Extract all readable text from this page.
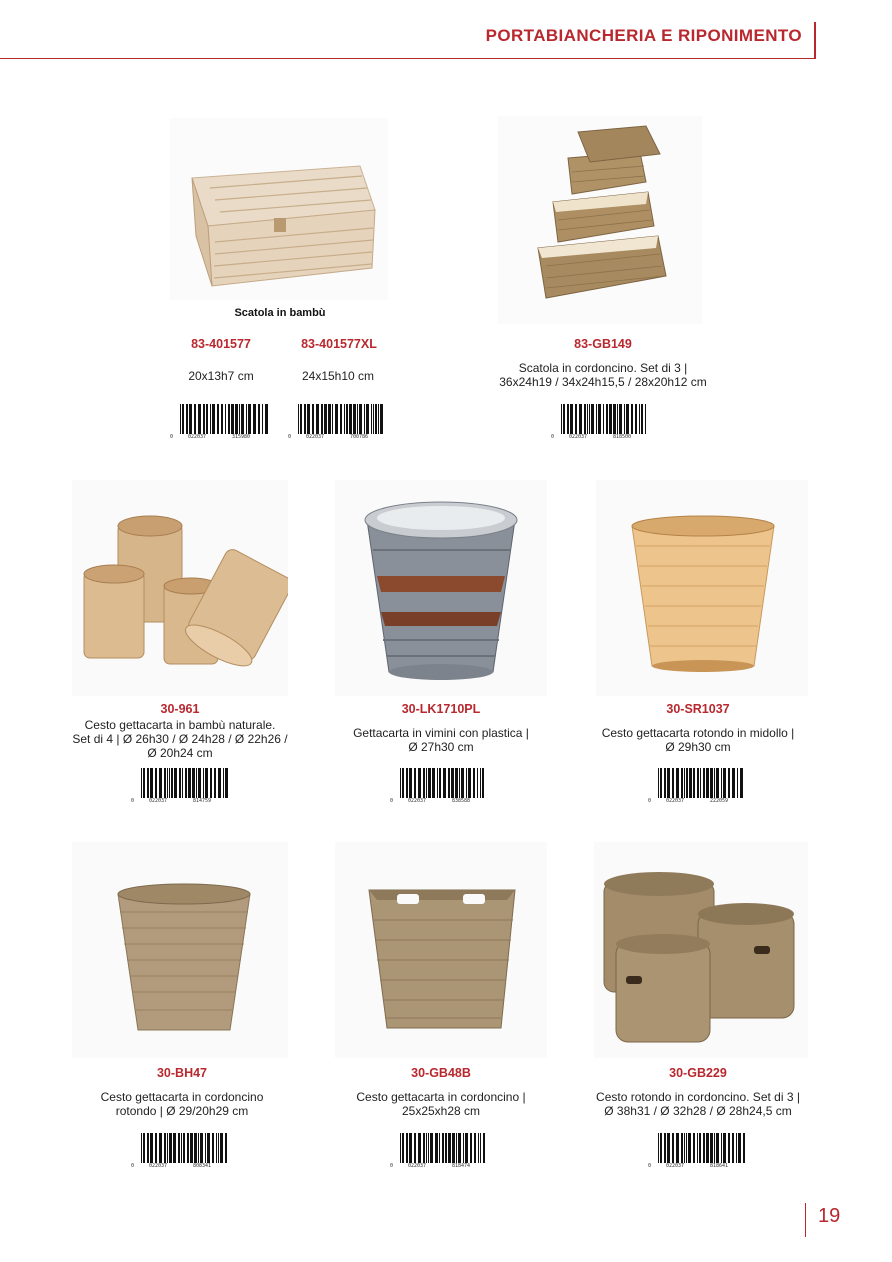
PORTABIANCHERIA E RIPONIMENTO
Scatola in bambù
83-401577	83-401577XL	83-GB149
20x13h7 cm	24x15h10 cm
Scatola in cordoncino. Set di 3 |
36x24h19 / 34x24h15,5 / 28x20h12 cm
0	022037	315980	0	022037	700786	0	022037	818500
30-961	30-LK1710PL	30-SR1037
Cesto gettacarta in bambù naturale.
Set di 4 | Ø 26h30 / Ø 24h28 / Ø 22h26 /
Ø 20h24 cm
Gettacarta in vimini con plastica |
Ø 27h30 cm
Cesto gettacarta rotondo in midollo |
Ø 29h30 cm
0	022037	814759	0	022037	838588	0	022037	222059
30-BH47	30-GB48B	30-GB229
Cesto gettacarta in cordoncino
rotondo | Ø 29/20h29 cm
Cesto gettacarta in cordoncino |
25x25xh28 cm
Cesto rotondo in cordoncino. Set di 3 |
Ø 38h31 / Ø 32h28 / Ø 28h24,5 cm
0	022037	808341	0	022037	818474	0	022037	818641
19
